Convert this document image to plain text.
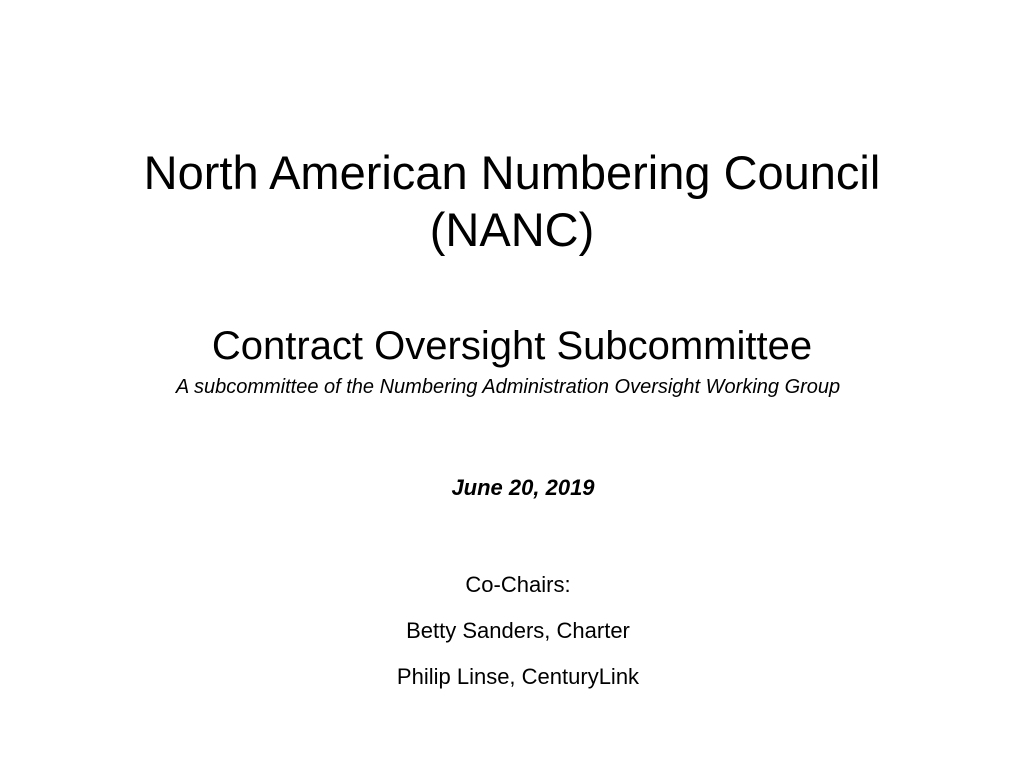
North American Numbering Council
(NANC)
Contract Oversight Subcommittee
A subcommittee of the Numbering Administration Oversight Working Group
June 20, 2019
Co-Chairs:
Betty Sanders, Charter
Philip Linse, CenturyLink
